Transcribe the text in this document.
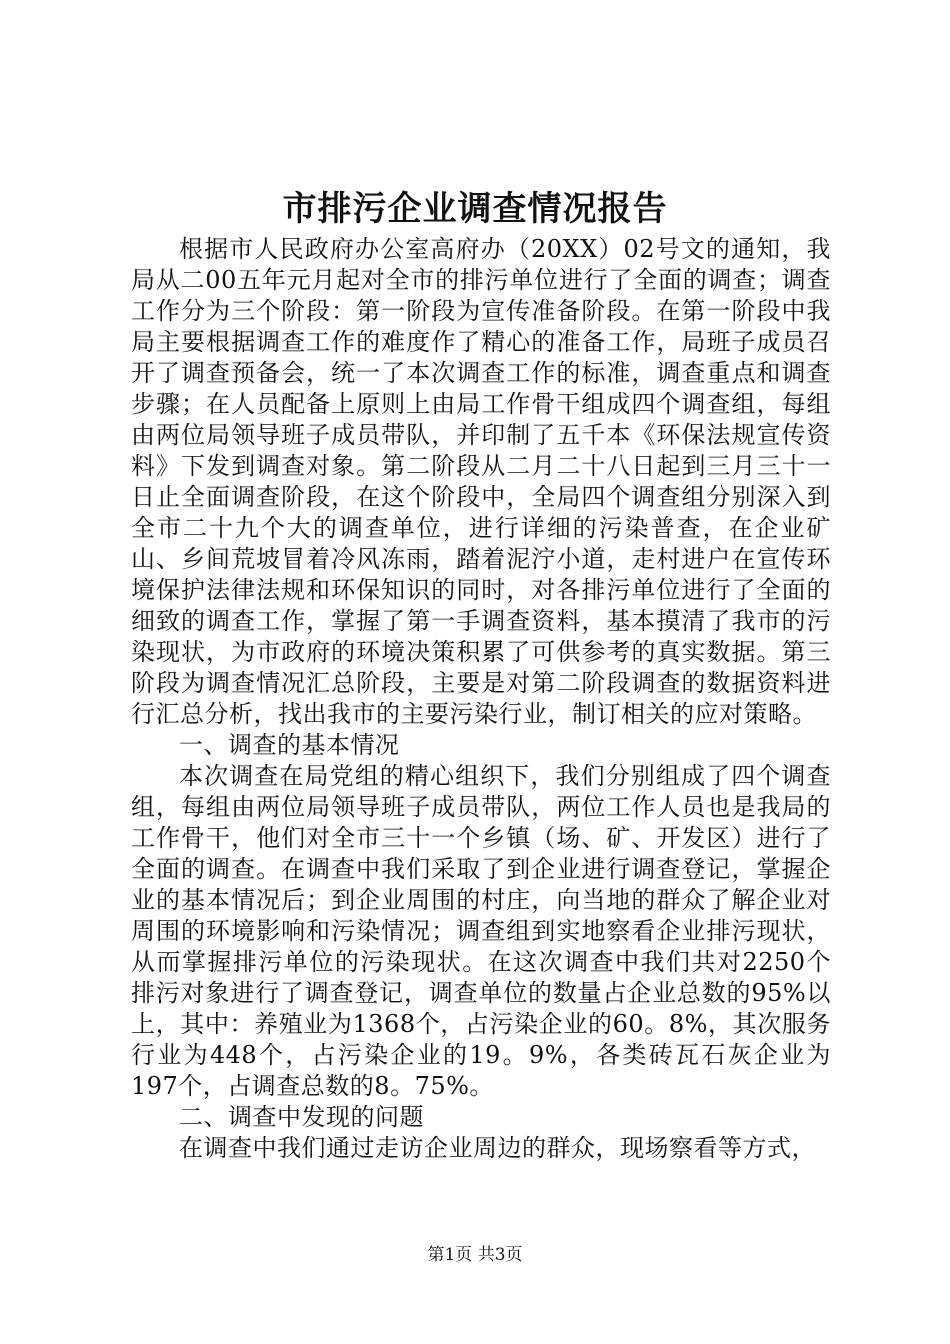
市排污企业调查情况报告

根据市人民政府办公室高府办（20XX）02号文的通知，我局从二00五年元月起对全市的排污单位进行了全面的调查；调查工作分为三个阶段：第一阶段为宣传准备阶段。在第一阶段中我局主要根据调查工作的难度作了精心的准备工作，局班子成员召开了调查预备会，统一了本次调查工作的标准，调查重点和调查步骤；在人员配备上原则上由局工作骨干组成四个调查组，每组由两位局领导班子成员带队，并印制了五千本《环保法规宣传资料》下发到调查对象。第二阶段从二月二十八日起到三月三十一日止全面调查阶段，在这个阶段中，全局四个调查组分别深入到全市二十九个大的调查单位，进行详细的污染普查，在企业矿山、乡间荒坡冒着冷风冻雨，踏着泥泞小道，走村进户在宣传环境保护法律法规和环保知识的同时，对各排污单位进行了全面的细致的调查工作，掌握了第一手调查资料，基本摸清了我市的污染现状，为市政府的环境决策积累了可供参考的真实数据。第三阶段为调查情况汇总阶段，主要是对第二阶段调查的数据资料进行汇总分析，找出我市的主要污染行业，制订相关的应对策略。

一、调查的基本情况

本次调查在局党组的精心组织下，我们分别组成了四个调查组，每组由两位局领导班子成员带队，两位工作人员也是我局的工作骨干，他们对全市三十一个乡镇（场、矿、开发区）进行了全面的调查。在调查中我们采取了到企业进行调查登记，掌握企业的基本情况后；到企业周围的村庄，向当地的群众了解企业对周围的环境影响和污染情况；调查组到实地察看企业排污现状，从而掌握排污单位的污染现状。在这次调查中我们共对2250个排污对象进行了调查登记，调查单位的数量占企业总数的95%以上，其中：养殖业为1368个，占污染企业的60。8%，其次服务行业为448个，占污染企业的19。9%，各类砖瓦石灰企业为197个，占调查总数的8。75%。

二、调查中发现的问题

在调查中我们通过走访企业周边的群众，现场察看等方式，

第1页 共3页
